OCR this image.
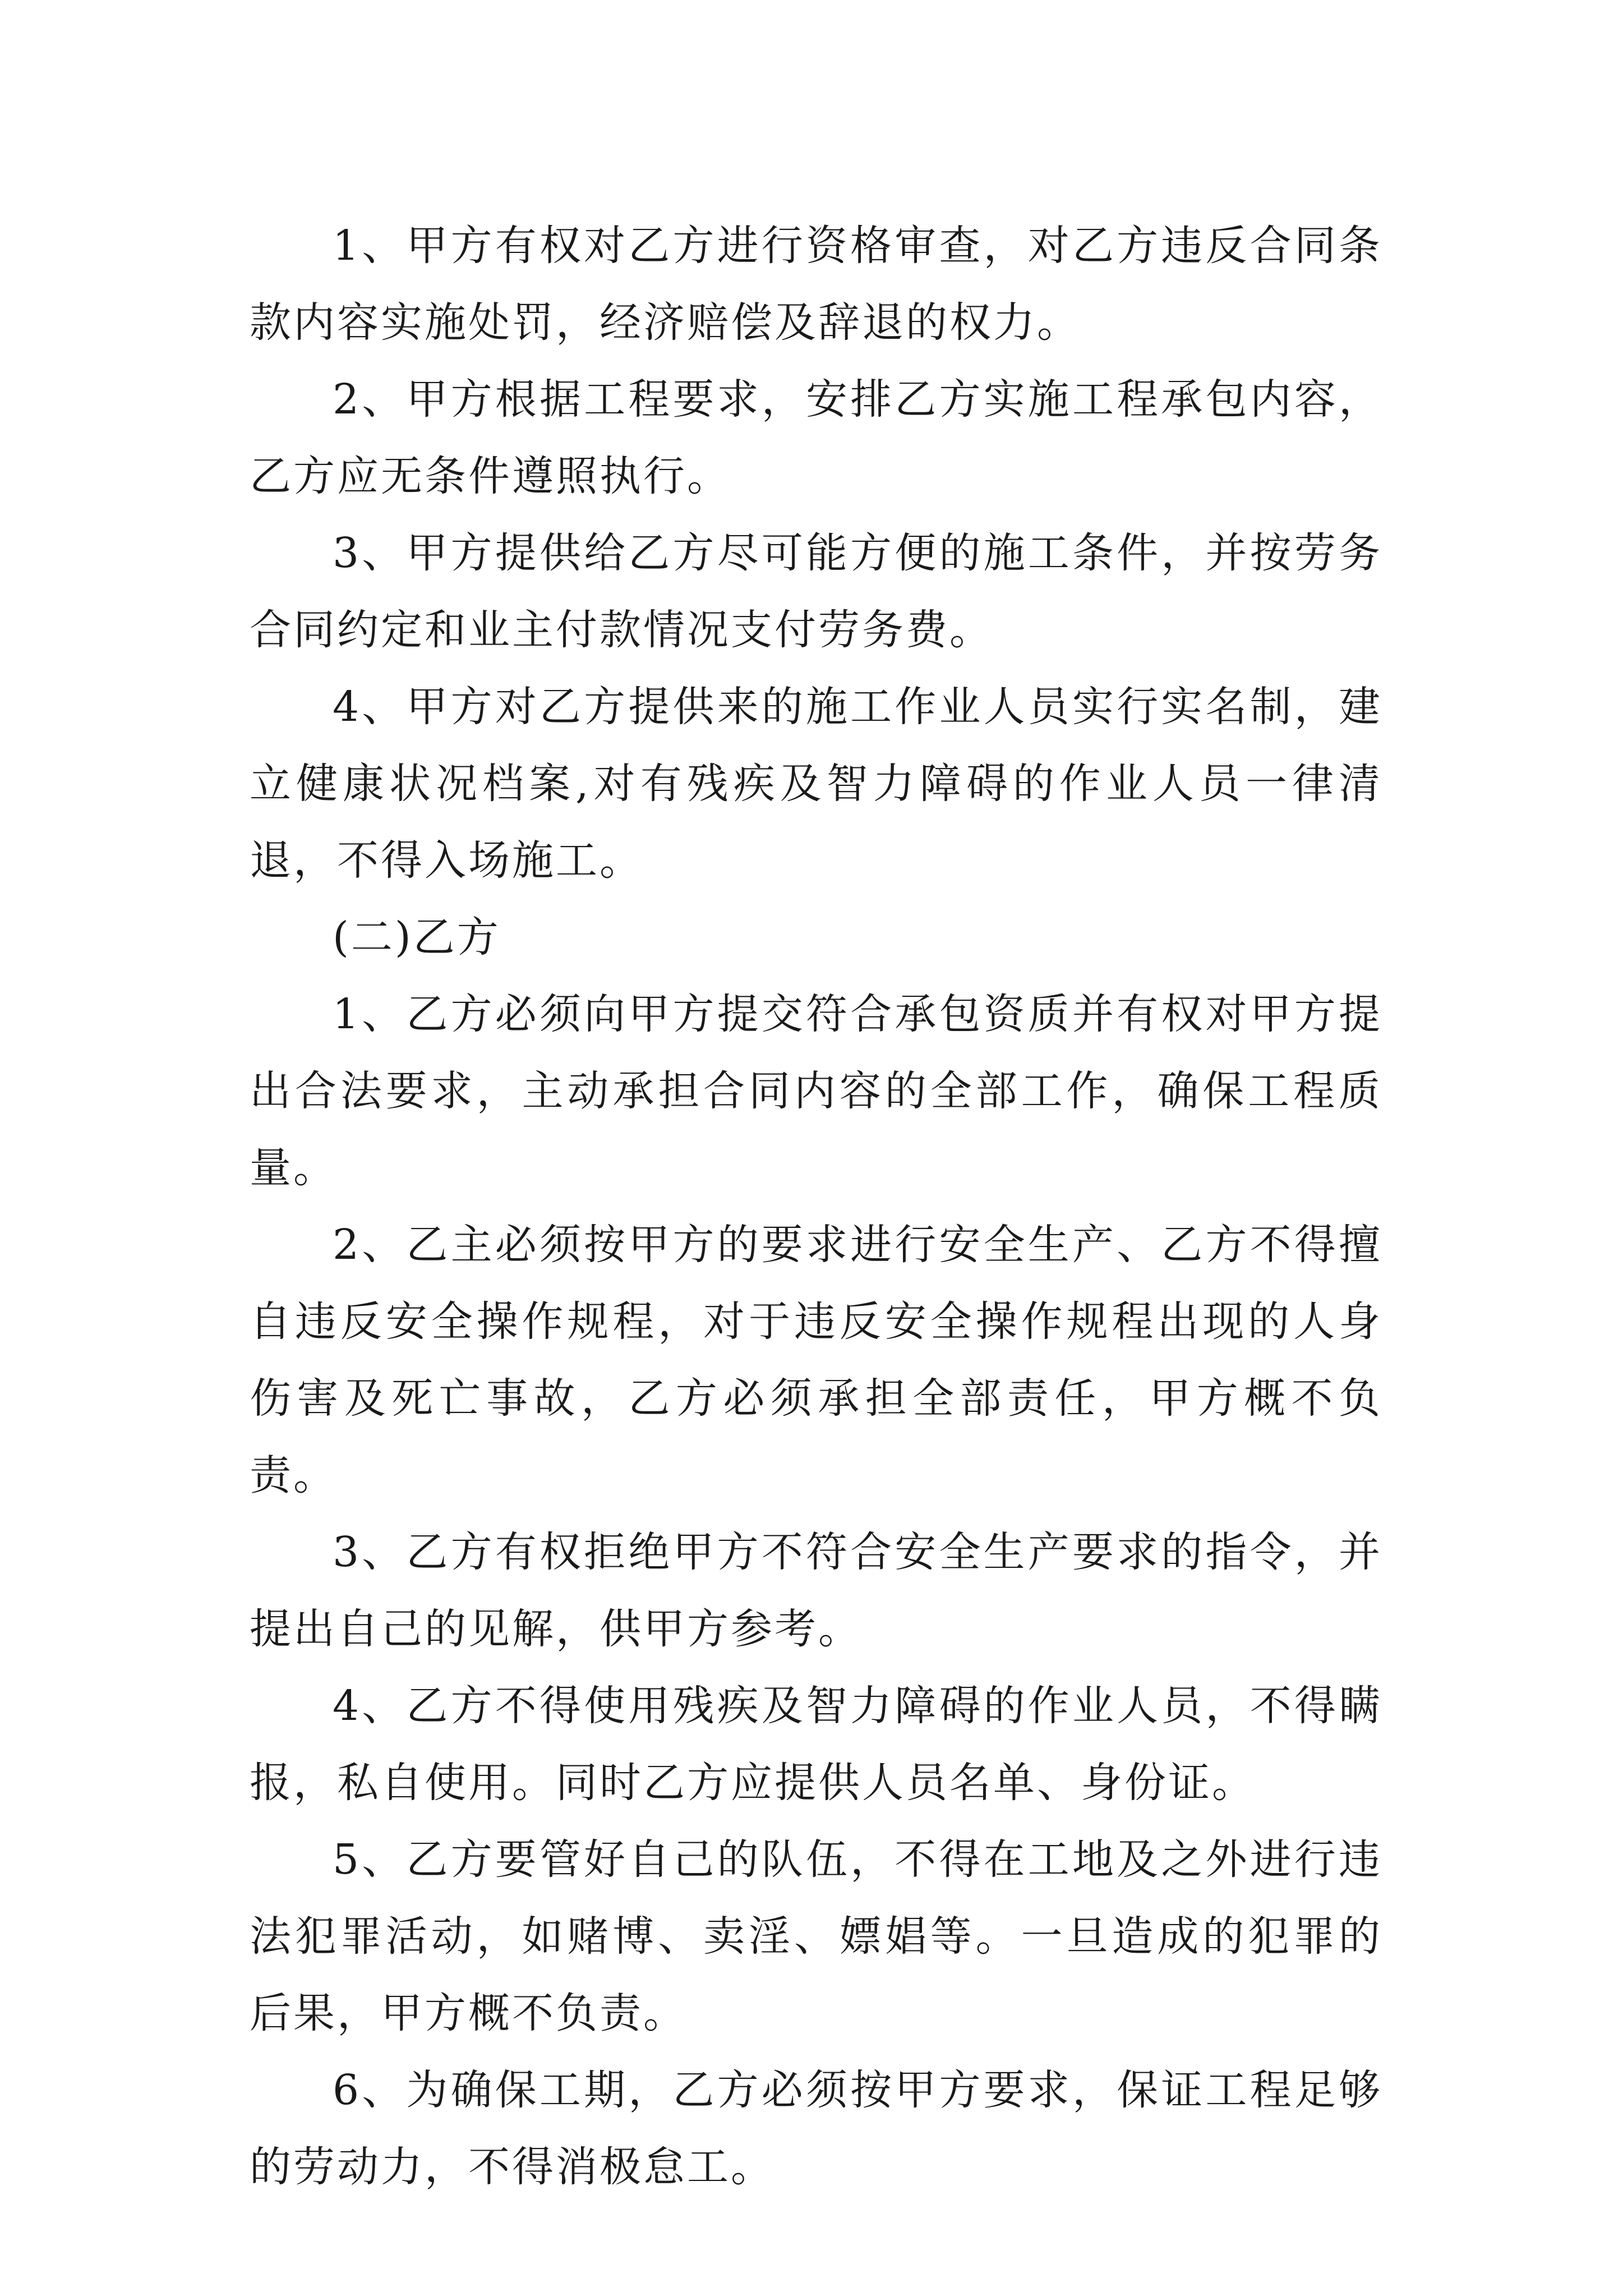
1、甲方有权对乙方进行资格审查，对乙方违反合同条款内容实施处罚，经济赔偿及辞退的权力。

2、甲方根据工程要求，安排乙方实施工程承包内容，乙方应无条件遵照执行。

3、甲方提供给乙方尽可能方便的施工条件，并按劳务合同约定和业主付款情况支付劳务费。

4、甲方对乙方提供来的施工作业人员实行实名制，建立健康状况档案,对有残疾及智力障碍的作业人员一律清退，不得入场施工。

(二)乙方

1、乙方必须向甲方提交符合承包资质并有权对甲方提出合法要求，主动承担合同内容的全部工作，确保工程质量。

2、乙主必须按甲方的要求进行安全生产、乙方不得擅自违反安全操作规程，对于违反安全操作规程出现的人身伤害及死亡事故，乙方必须承担全部责任，甲方概不负责。

3、乙方有权拒绝甲方不符合安全生产要求的指令，并提出自己的见解，供甲方参考。

4、乙方不得使用残疾及智力障碍的作业人员，不得瞒报，私自使用。同时乙方应提供人员名单、身份证。

5、乙方要管好自己的队伍，不得在工地及之外进行违法犯罪活动，如赌博、卖淫、嫖娼等。一旦造成的犯罪的后果，甲方概不负责。

6、为确保工期，乙方必须按甲方要求，保证工程足够的劳动力，不得消极怠工。
